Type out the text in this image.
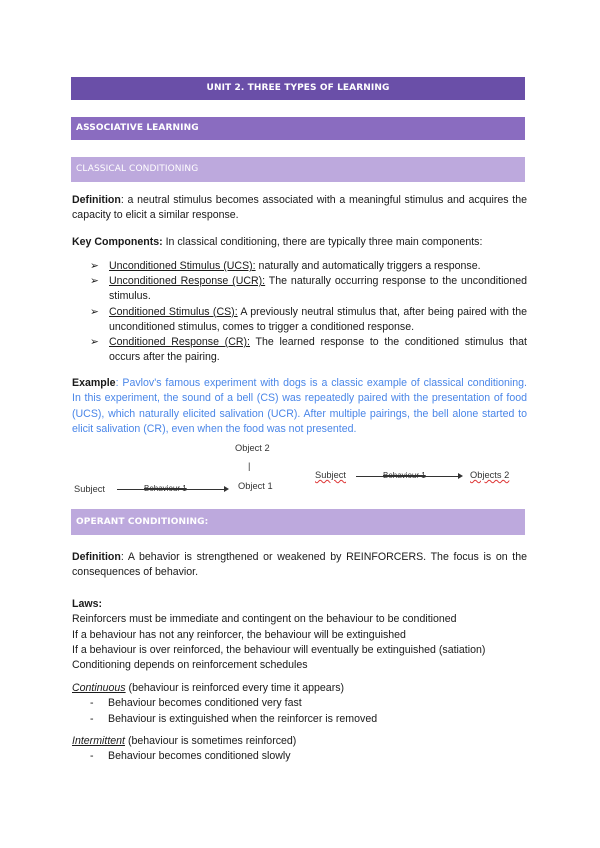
UNIT 2. THREE TYPES OF LEARNING
ASSOCIATIVE LEARNING
CLASSICAL CONDITIONING
Definition: a neutral stimulus becomes associated with a meaningful stimulus and acquires the capacity to elicit a similar response.
Key Components: In classical conditioning, there are typically three main components:
➢ Unconditioned Stimulus (UCS): naturally and automatically triggers a response.
➢ Unconditioned Response (UCR): The naturally occurring response to the unconditioned stimulus.
➢ Conditioned Stimulus (CS): A previously neutral stimulus that, after being paired with the unconditioned stimulus, comes to trigger a conditioned response.
➢ Conditioned Response (CR): The learned response to the conditioned stimulus that occurs after the pairing.
Example: Pavlov's famous experiment with dogs is a classic example of classical conditioning. In this experiment, the sound of a bell (CS) was repeatedly paired with the presentation of food (UCS), which naturally elicited salivation (UCR). After multiple pairings, the bell alone started to elicit salivation (CR), even when the food was not presented.
Object 2
|
Object 1
Subject	Behaviour 1
Subject	Behaviour 1	Objects 2
OPERANT CONDITIONING:
Definition: A behavior is strengthened or weakened by REINFORCERS. The focus is on the consequences of behavior.
Laws:
Reinforcers must be immediate and contingent on the behaviour to be conditioned
If a behaviour has not any reinforcer, the behaviour will be extinguished
If a behaviour is over reinforced, the behaviour will eventually be extinguished (satiation)
Conditioning depends on reinforcement schedules
Continuous (behaviour is reinforced every time it appears)
- Behaviour becomes conditioned very fast
- Behaviour is extinguished when the reinforcer is removed
Intermittent (behaviour is sometimes reinforced)
- Behaviour becomes conditioned slowly
